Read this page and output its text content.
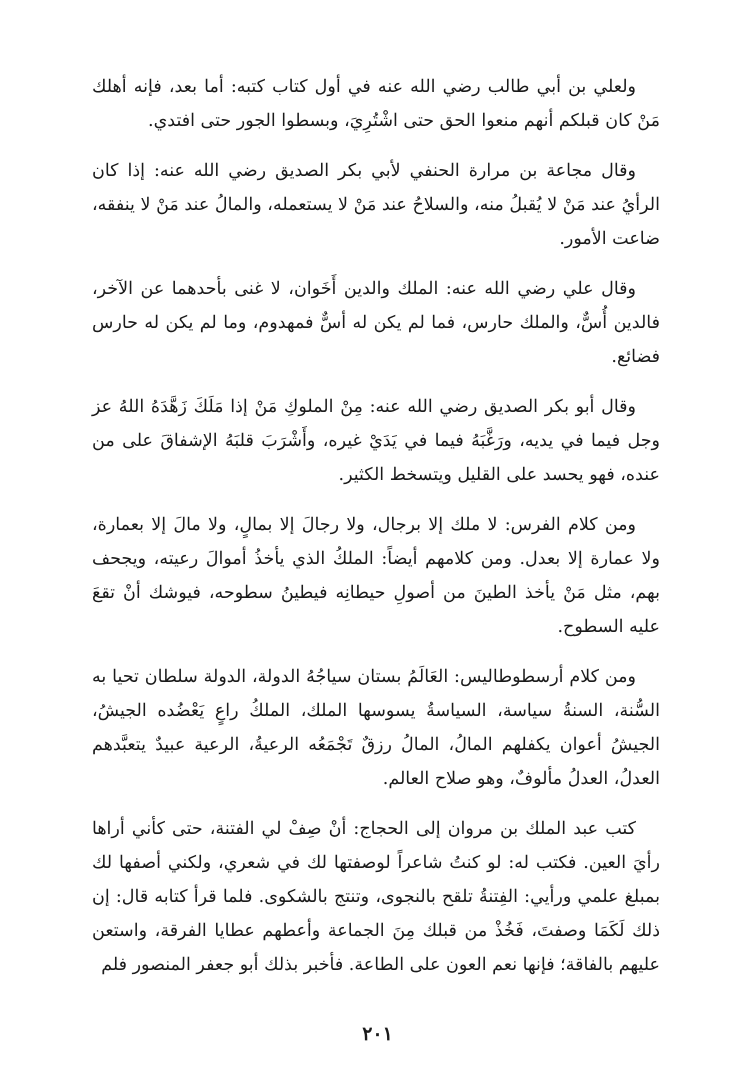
ولعلي بن أبي طالب رضي الله عنه في أول كتاب كتبه: أما بعد، فإنه أهلك مَنْ كان قبلكم أنهم منعوا الحق حتى اشْتُرِيَ، وبسطوا الجور حتى افتدي.

وقال مجاعة بن مرارة الحنفي لأبي بكر الصديق رضي الله عنه: إذا كان الرأيُ عند مَنْ لا يُقبلُ منه، والسلاحُ عند مَنْ لا يستعمله، والمالُ عند مَنْ لا ينفقه، ضاعت الأمور.

وقال علي رضي الله عنه: الملك والدين أَخَوان، لا غنى بأحدهما عن الآخر، فالدين أُسٌّ، والملك حارس، فما لم يكن له أسٌّ فمهدوم، وما لم يكن له حارس فضائع.

وقال أبو بكر الصديق رضي الله عنه: مِنْ الملوكِ مَنْ إذا مَلَكَ زَهَّدَهُ اللهُ عز وجل فيما في يديه، ورَغَّبَهُ فيما في يَدَيْ غيره، وأَشْرَبَ قلبَهُ الإشفاقَ على من عنده، فهو يحسد على القليل ويتسخط الكثير.

ومن كلام الفرس: لا ملك إلا برجال، ولا رجالَ إلا بمالٍ، ولا مالَ إلا بعمارة، ولا عمارة إلا بعدل. ومن كلامهم أيضاً: الملكُ الذي يأخذُ أموالَ رعيته، ويجحف بهم، مثل مَنْ يأخذ الطينَ من أصولِ حيطانِه فيطينُ سطوحه، فيوشك أنْ تقعَ عليه السطوح.

ومن كلام أرسطوطاليس: العَالَمُ بستان سياجُهُ الدولة، الدولة سلطان تحيا به السُّنة، السنةُ سياسة، السياسةُ يسوسها الملك، الملكُ راعٍ يَعْضُده الجيشُ، الجيشُ أعوان يكفلهم المالُ، المالُ رزقٌ تَجْمَعُه الرعيةُ، الرعية عبيدٌ يتعبَّدهم العدلُ، العدلُ مألوفٌ، وهو صلاح العالم.

كتب عبد الملك بن مروان إلى الحجاج: أنْ صِفْ لي الفتنة، حتى كأني أراها رأيَ العين. فكتب له: لو كنتُ شاعراً لوصفتها لك في شعري، ولكني أصفها لك بمبلغ علمي ورأيي: الفِتنةُ تلقح بالنجوى، وتنتج بالشكوى. فلما قرأ كتابه قال: إن ذلك لَكَمَا وصفتَ، فَخُذْ من قبلك مِنَ الجماعة وأعطهم عطايا الفرقة، واستعن عليهم بالفاقة؛ فإنها نعم العون على الطاعة. فأخبر بذلك أبو جعفر المنصور فلم

٢٠١
